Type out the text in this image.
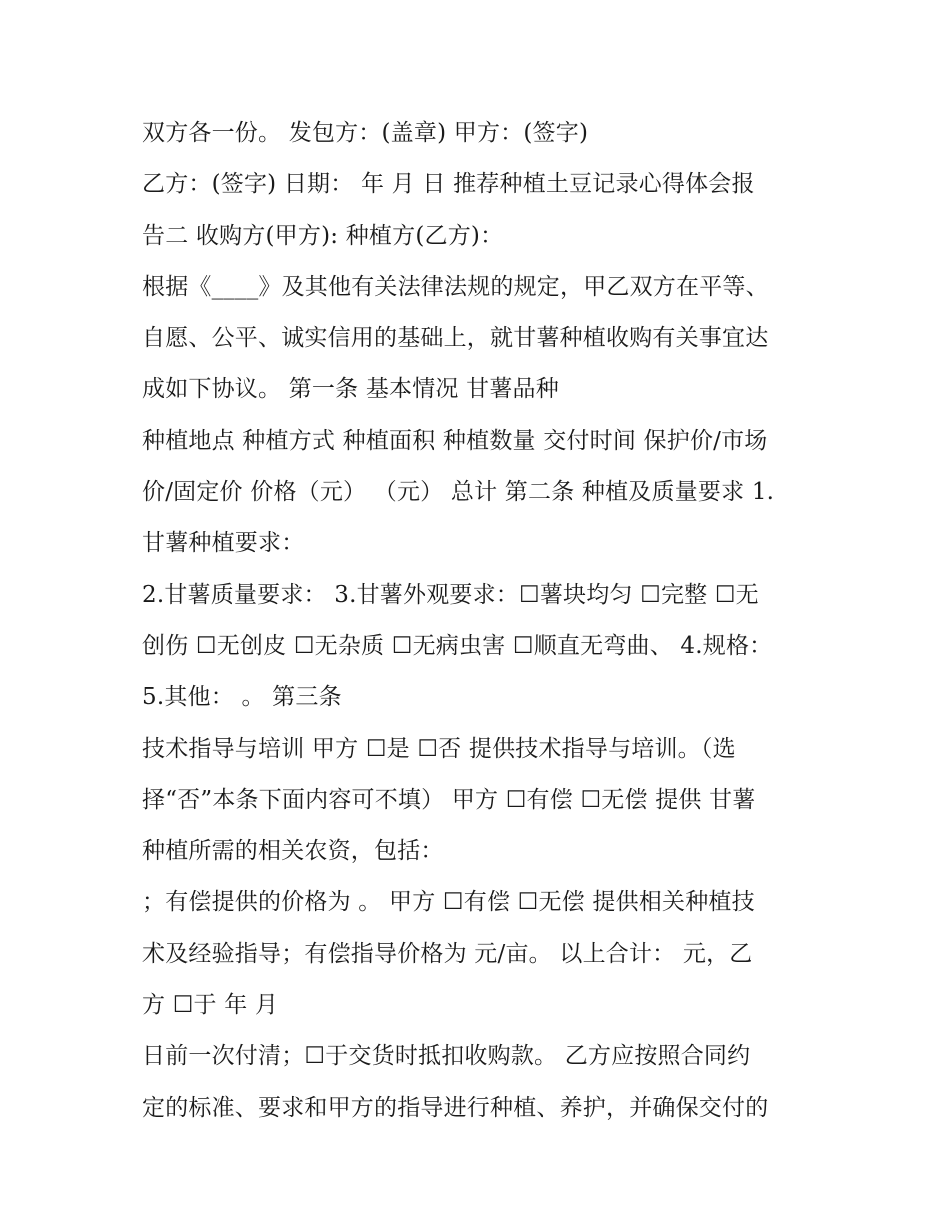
双方各一份。 发包方：(盖章) 甲方：(签字)
乙方：(签字) 日期： 年 月 日 推荐种植土豆记录心得体会报
告二 收购方(甲方): 种植方(乙方)：
根据《____》及其他有关法律法规的规定，甲乙双方在平等、
自愿、公平、诚实信用的基础上，就甘薯种植收购有关事宜达
成如下协议。 第一条 基本情况 甘薯品种
种植地点 种植方式 种植面积 种植数量 交付时间 保护价/市场
价/固定价 价格（元） （元） 总计 第二条 种植及质量要求 1.
甘薯种植要求：
2.甘薯质量要求： 3.甘薯外观要求：☐薯块均匀 ☐完整 ☐无
创伤 ☐无创皮 ☐无杂质 ☐无病虫害 ☐顺直无弯曲、 4.规格：
5.其他： 。 第三条
技术指导与培训 甲方 ☐是 ☐否 提供技术指导与培训。（选
择“否”本条下面内容可不填） 甲方 ☐有偿 ☐无偿 提供 甘薯
种植所需的相关农资，包括：
；有偿提供的价格为 。 甲方 ☐有偿 ☐无偿 提供相关种植技
术及经验指导；有偿指导价格为 元/亩。 以上合计： 元，乙
方 ☐于 年 月
日前一次付清；☐于交货时抵扣收购款。 乙方应按照合同约
定的标准、要求和甲方的指导进行种植、养护，并确保交付的
